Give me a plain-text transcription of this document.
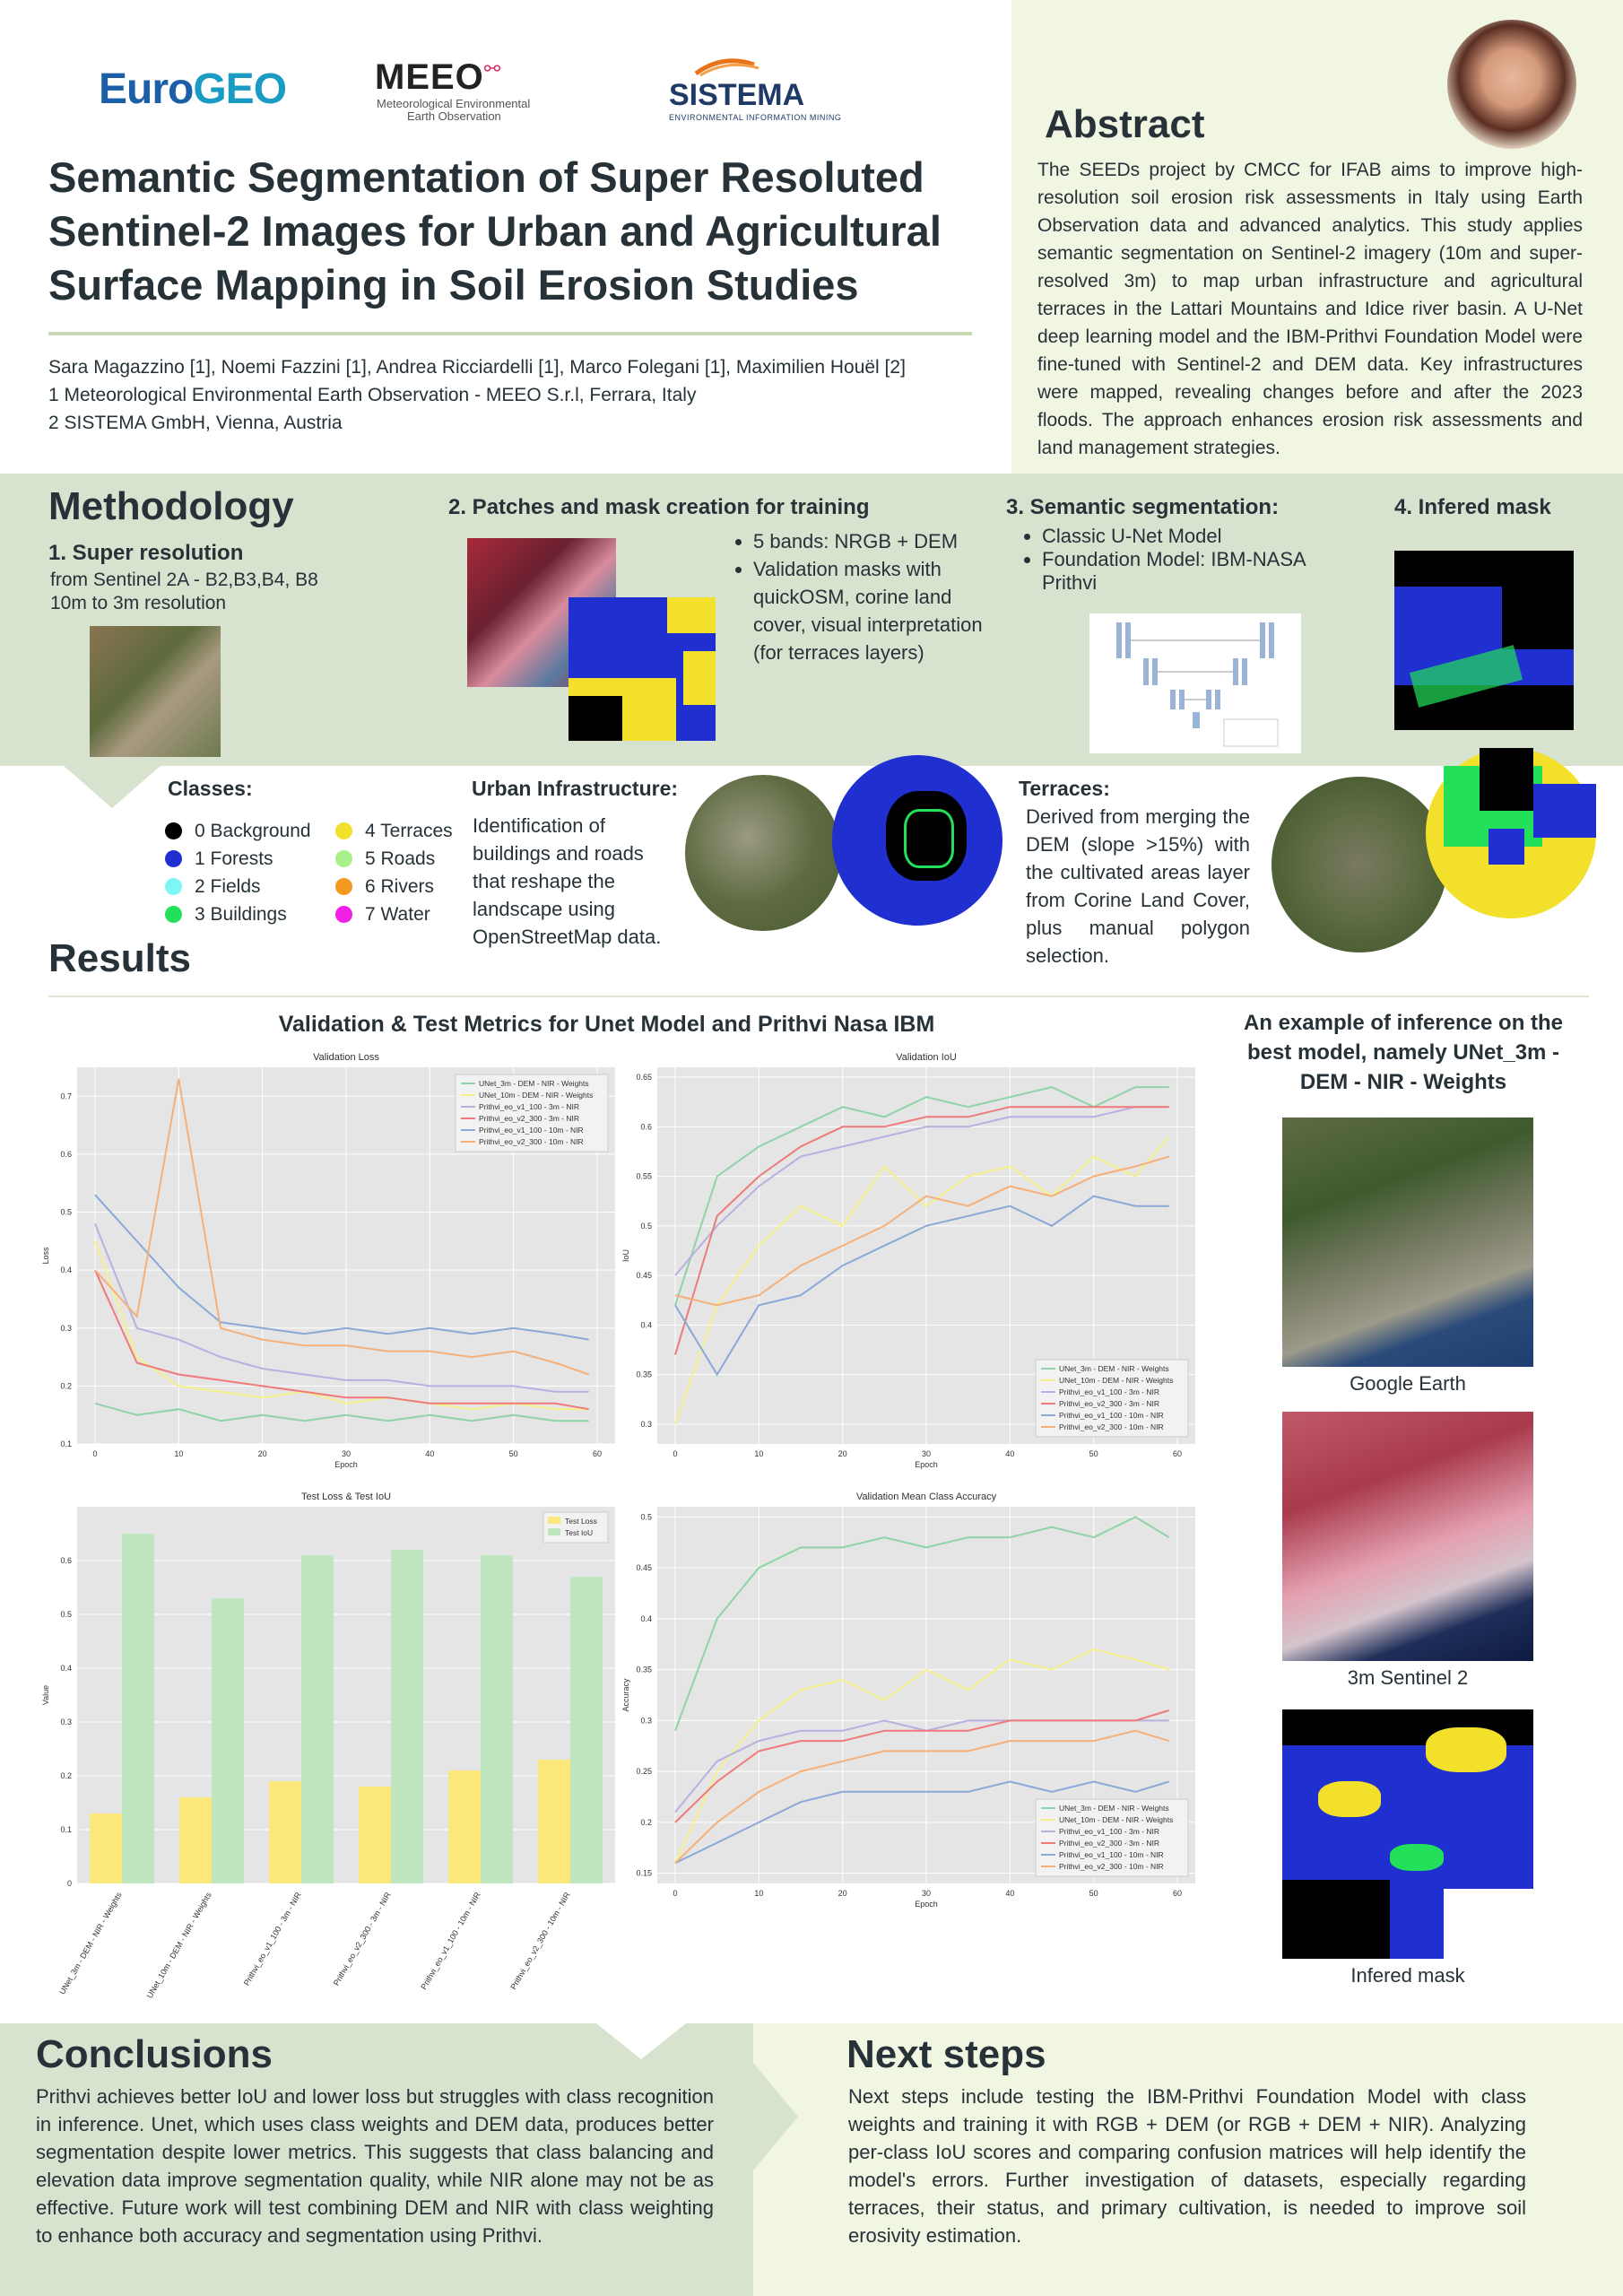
EuroGEO MEEO⚯
Meteorological Environmental
Earth Observation
SISTEMA
ENVIRONMENTAL INFORMATION MINING
Semantic Segmentation of Super Resoluted Sentinel-2 Images for Urban and Agricultural Surface Mapping in Soil Erosion Studies
Sara Magazzino [1], Noemi Fazzini [1], Andrea Ricciardelli [1], Marco Folegani [1], Maximilien Houël [2]
1 Meteorological Environmental Earth Observation - MEEO S.r.l, Ferrara, Italy
2 SISTEMA GmbH, Vienna, Austria
Abstract
The SEEDs project by CMCC for IFAB aims to improve high-resolution soil erosion risk assessments in Italy using Earth Observation data and advanced analytics. This study applies semantic segmentation on Sentinel-2 imagery (10m and super-resolved 3m) to map urban infrastructure and agricultural terraces in the Lattari Mountains and Idice river basin. A U-Net deep learning model and the IBM-Prithvi Foundation Model were fine-tuned with Sentinel-2 and DEM data. Key infrastructures were mapped, revealing changes before and after the 2023 floods. The approach enhances erosion risk assessments and land management strategies.
Methodology
1. Super resolution
from Sentinel 2A - B2,B3,B4, B8
10m to 3m resolution
2. Patches and mask creation for training
• 5 bands: NRGB + DEM
• Validation masks with quickOSM, corine land cover, visual interpretation (for terraces layers)
3. Semantic segmentation:
• Classic U-Net Model
• Foundation Model: IBM-NASA Prithvi
4. Infered mask
Classes:
0 Background	4 Terraces
1 Forests	5 Roads
2 Fields	6 Rivers
3 Buildings	7 Water
Urban Infrastructure:
Identification of buildings and roads that reshape the landscape using OpenStreetMap data.
Terraces:
Derived from merging the DEM (slope >15%) with the cultivated areas layer from Corine Land Cover, plus manual polygon selection.
Results
Validation & Test Metrics for Unet Model and Prithvi Nasa IBM
Validation Loss
0.1
0.2
0.3
0.4
0.5
0.6
0.7
Loss
0	10	20	30	40	50	60
Epoch
UNet_3m - DEM - NIR - Weights
UNet_10m - DEM - NIR - Weights
Prithvi_eo_v1_100 - 3m - NIR
Prithvi_eo_v2_300 - 3m - NIR
Prithvi_eo_v1_100 - 10m - NIR
Prithvi_eo_v2_300 - 10m - NIR
Validation IoU
0.3
0.35
0.4
0.45
0.5
0.55
0.6
0.65
IoU
0	10	20	30	40	50	60
Epoch
UNet_3m - DEM - NIR - Weights
UNet_10m - DEM - NIR - Weights
Prithvi_eo_v1_100 - 3m - NIR
Prithvi_eo_v2_300 - 3m - NIR
Prithvi_eo_v1_100 - 10m - NIR
Prithvi_eo_v2_300 - 10m - NIR
Test Loss & Test IoU
0
0.1
0.2
0.3
0.4
0.5
0.6
Value
UNet_3m - DEM - NIR - Weights	UNet_10m - DEM - NIR - Weights	Prithvi_eo_v1_100 - 3m - NIR	Prithvi_eo_v2_300 - 3m - NIR	Prithvi_eo_v1_100 - 10m - NIR	Prithvi_eo_v2_300 - 10m - NIR
Test Loss
Test IoU
Validation Mean Class Accuracy
0.15
0.2
0.25
0.3
0.35
0.4
0.45
0.5
Accuracy
0	10	20	30	40	50	60
Epoch
UNet_3m - DEM - NIR - Weights
UNet_10m - DEM - NIR - Weights
Prithvi_eo_v1_100 - 3m - NIR
Prithvi_eo_v2_300 - 3m - NIR
Prithvi_eo_v1_100 - 10m - NIR
Prithvi_eo_v2_300 - 10m - NIR
An example of inference on the best model, namely UNet_3m - DEM - NIR - Weights
Google Earth
3m Sentinel 2
Infered mask
Conclusions
Prithvi achieves better IoU and lower loss but struggles with class recognition in inference. Unet, which uses class weights and DEM data, produces better segmentation despite lower metrics. This suggests that class balancing and elevation data improve segmentation quality, while NIR alone may not be as effective. Future work will test combining DEM and NIR with class weighting to enhance both accuracy and segmentation using Prithvi.
Next steps
Next steps include testing the IBM-Prithvi Foundation Model with class weights and training it with RGB + DEM (or RGB + DEM + NIR). Analyzing per-class IoU scores and comparing confusion matrices will help identify the model's errors. Further investigation of datasets, especially regarding terraces, their status, and primary cultivation, is needed to improve soil erosivity estimation.
